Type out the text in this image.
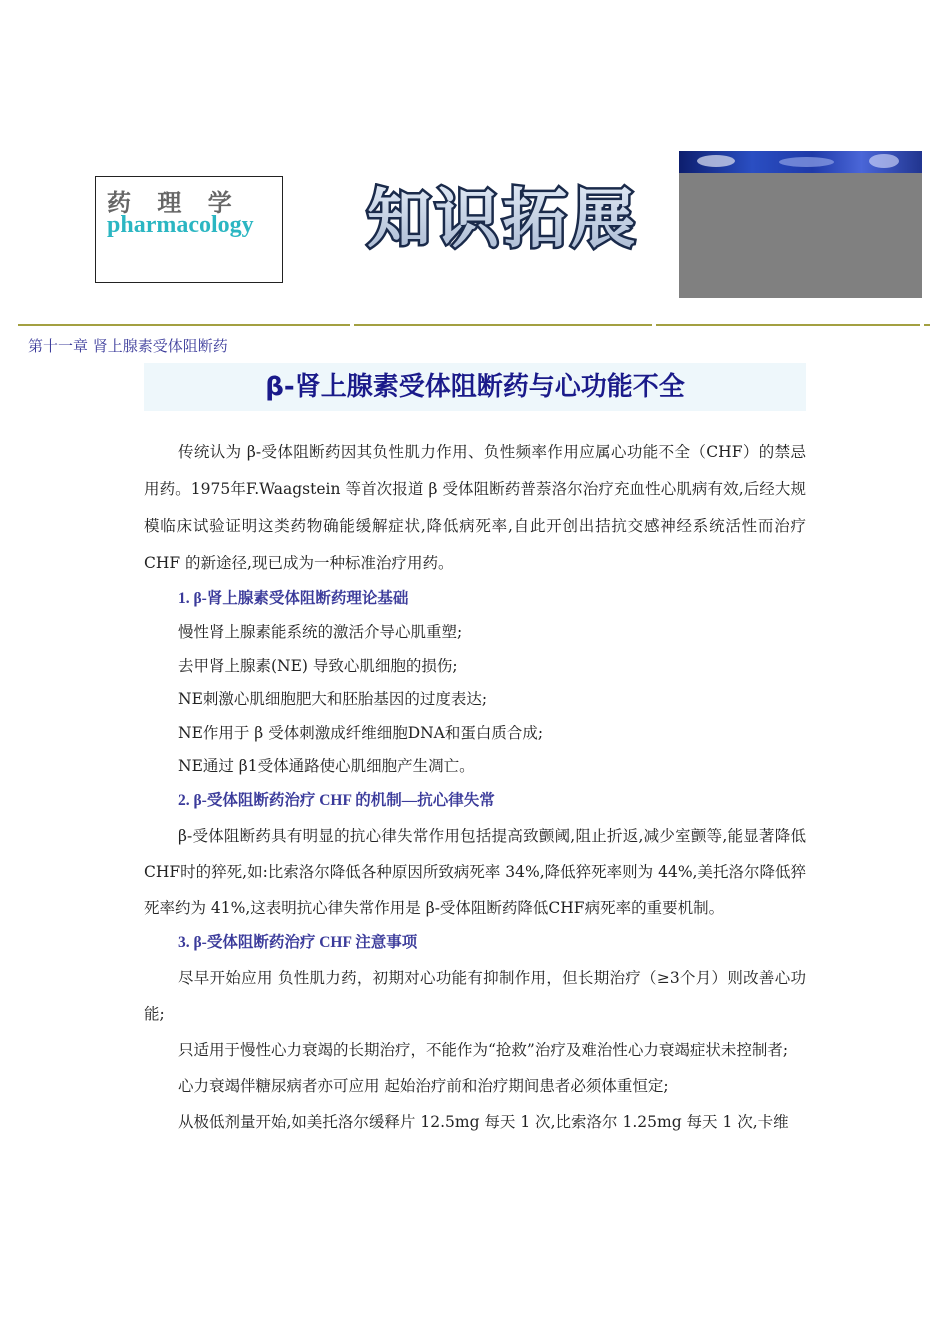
药 理 学
pharmacology 知识拓展
第十一章 肾上腺素受体阻断药
β-肾上腺素受体阻断药与心功能不全

传统认为 β-受体阻断药因其负性肌力作用、负性频率作用应属心功能不全（CHF）的禁忌用药。1975年F.Waagstein 等首次报道 β 受体阻断药普萘洛尔治疗充血性心肌病有效,后经大规模临床试验证明这类药物确能缓解症状,降低病死率,自此开创出拮抗交感神经系统活性而治疗CHF 的新途径,现已成为一种标准治疗用药。

1. β-肾上腺素受体阻断药理论基础

慢性肾上腺素能系统的激活介导心肌重塑;

去甲肾上腺素(NE) 导致心肌细胞的损伤;

NE刺激心肌细胞肥大和胚胎基因的过度表达;

NE作用于 β 受体刺激成纤维细胞DNA和蛋白质合成;

NE通过 β1受体通路使心肌细胞产生凋亡。

2. β-受体阻断药治疗 CHF 的机制—抗心律失常

β-受体阻断药具有明显的抗心律失常作用包括提高致颤阈,阻止折返,减少室颤等,能显著降低CHF时的猝死,如:比索洛尔降低各种原因所致病死率 34%,降低猝死率则为 44%,美托洛尔降低猝死率约为 41%,这表明抗心律失常作用是 β-受体阻断药降低CHF病死率的重要机制。

3. β-受体阻断药治疗 CHF 注意事项

尽早开始应用 负性肌力药，初期对心功能有抑制作用，但长期治疗（≥3个月）则改善心功能;

只适用于慢性心力衰竭的长期治疗，不能作为“抢救”治疗及难治性心力衰竭症状未控制者;

心力衰竭伴糖尿病者亦可应用 起始治疗前和治疗期间患者必须体重恒定;

从极低剂量开始,如美托洛尔缓释片 12.5mg 每天 1 次,比索洛尔 1.25mg 每天 1 次,卡维
